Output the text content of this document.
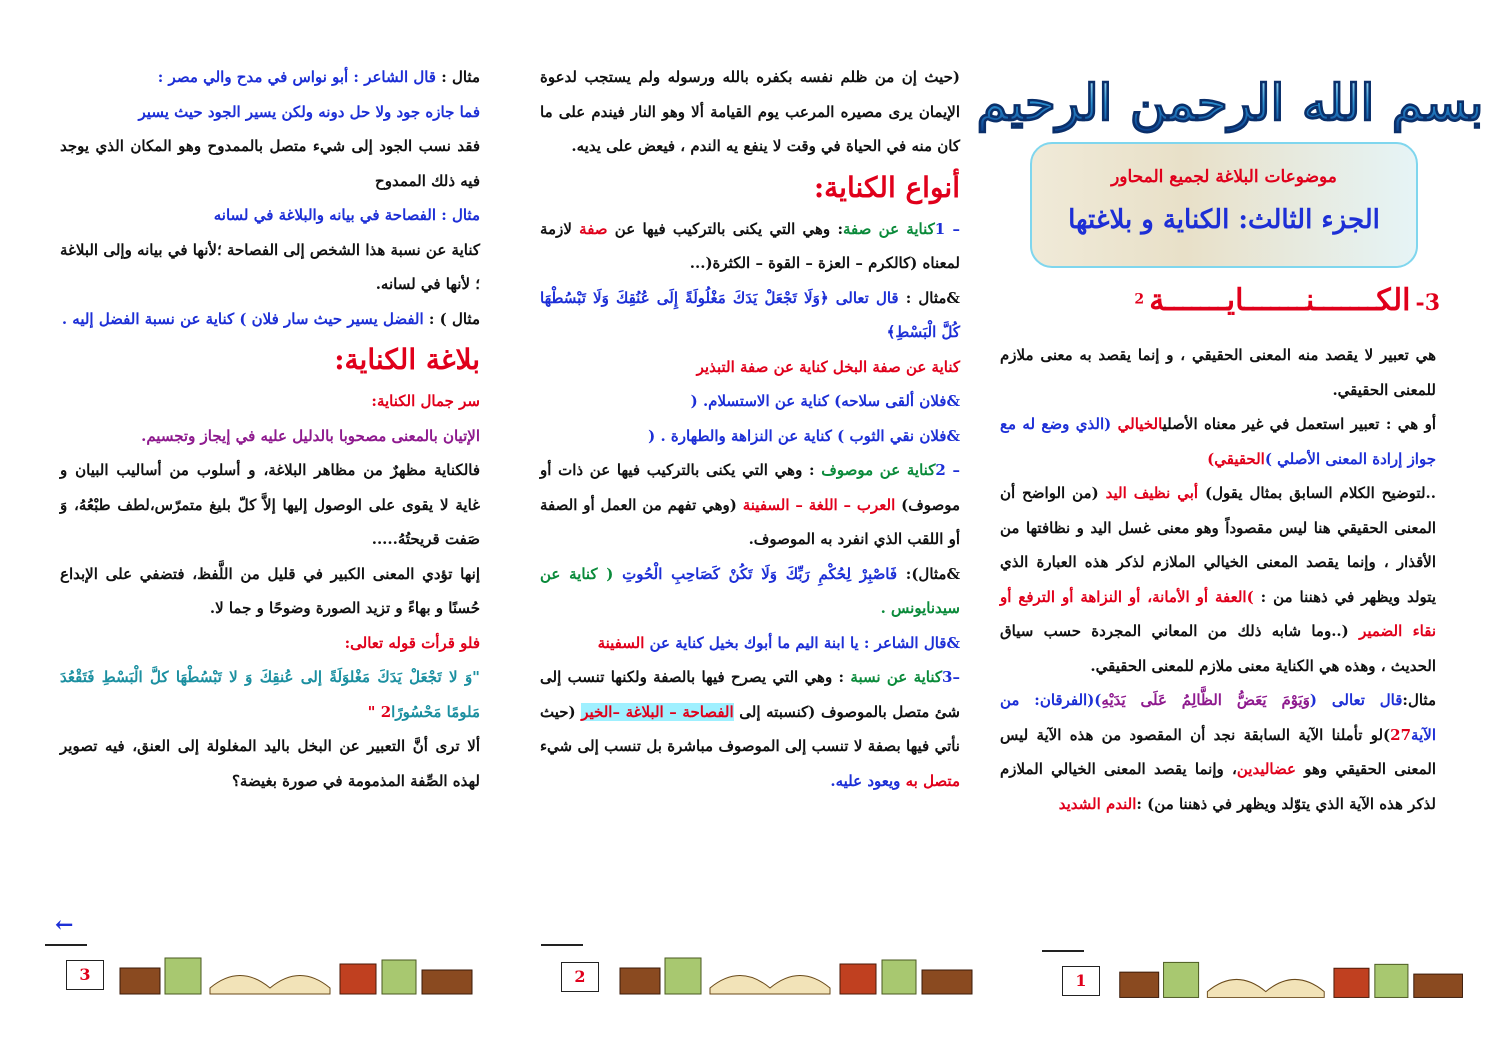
بسم الله الرحمن الرحيم
موضوعات البلاغة لجميع المحاور
الجزء الثالث: الكناية و بلاغتها
3- الكـــــــنـــــــايـــــــة $^2$

هي تعبير لا يقصد منه المعنى الحقيقي ، و إنما يقصد به معنى ملازم للمعنى الحقيقي.

أو هي : تعبير استعمل في غير معناه الأصليالخيالي (الذي وضع له مع جواز إرادة المعنى الأصلي )الحقيقي)

..لتوضيح الكلام السابق بمثال يقول) أبي نظيف اليد (من الواضح أن المعنى الحقيقي هنا ليس مقصوداً وهو معنى غسل اليد و نظافتها من الأقذار ، وإنما يقصد المعنى الخيالي الملازم لذكر هذه العبارة الذي يتولد ويظهر في ذهننا من : )العفة أو الأمانة، أو النزاهة أو الترفع أو نقاء الضمير (..وما شابه ذلك من المعاني المجردة حسب سياق الحديث ، وهذه هي الكناية معنى ملازم للمعنى الحقيقي.

مثال:قال تعالى (وَيَوْمَ يَعَضُّ الظَّالِمُ عَلَى يَدَيْهِ)(الفرقان: من الآية27)لو تأملنا الآية السابقة نجد أن المقصود من هذه الآية ليس المعنى الحقيقي وهو عضاليدين، وإنما يقصد المعنى الخيالي الملازم لذكر هذه الآية الذي يتوّلد ويظهر في ذهننا من) :الندم الشديد

(حيث إن من ظلم نفسه بكفره بالله ورسوله ولم يستجب لدعوة الإيمان يرى مصيره المرعب يوم القيامة ألا وهو النار فيندم على ما كان منه في الحياة في وقت لا ينفع يه الندم ، فيعض على يديه.

أنواع الكناية:

– 1كناية عن صفة: وهي التي يكنى بالتركيب فيها عن صفة لازمة لمعناه (كالكرم – العزة – القوة – الكثرة(...

&مثال : قال تعالى ﴿وَلَا تَجْعَلْ يَدَكَ مَغْلُولَةً إِلَى عُنُقِكَ وَلَا تَبْسُطْهَا كُلَّ الْبَسْطِ﴾
كناية عن صفة البخل كناية عن صفة التبذير
&فلان ألقى سلاحه) كناية عن الاستسلام. (
&فلان نقي الثوب ) كناية عن النزاهة والطهارة . (

– 2كناية عن موصوف : وهي التي يكنى بالتركيب فيها عن ذات أو موصوف) العرب – اللغة – السفينة (وهي تفهم من العمل أو الصفة أو اللقب الذي انفرد به الموصوف.

&مثال): فَاصْبِرْ لِحُكْمِ رَبِّكَ وَلَا تَكُنْ كَصَاحِبِ الْحُوتِ ( كناية عن سيدنايونس .
&قال الشاعر : يا ابنة اليم ما أبوك بخيل كناية عن السفينة

–3كناية عن نسبة : وهي التي يصرح فيها بالصفة ولكنها تنسب إلى شئ متصل بالموصوف (كنسبته إلى الفصاحة – البلاغة –الخير (حيث نأتي فيها بصفة لا تنسب إلى الموصوف مباشرة بل تنسب إلى شيء متصل به ويعود عليه.

مثال : قال الشاعر : أبو نواس في مدح والي مصر :
فما جازه جود ولا حل دونه ولكن يسير الجود حيث يسير
فقد نسب الجود إلى شيء متصل بالممدوح وهو المكان الذي يوجد فيه ذلك الممدوح

مثال : الفصاحة في بيانه والبلاغة في لسانه
كناية عن نسبة هذا الشخص إلى الفصاحة ؛لأنها في بيانه وإلى البلاغة ؛ لأنها في لسانه.

مثال ) : الفضل يسير حيث سار فلان ) كناية عن نسبة الفضل إليه .

بلاغة الكناية:

سر جمال الكناية:

الإتيان بالمعنى مصحوبا بالدليل عليه في إيجاز وتجسيم.

فالكناية مظهرٌ من مظاهر البلاغة، و أسلوب من أساليب البيان و غاية لا يقوى على الوصول إليها إلاَّ كلّ بليغ متمرّس،لطف طبْعُهُ، وَ صَفت قريحتُهُ.....

إنها تؤدي المعنى الكبير في قليل من اللَّفظ، فتضفي على الإبداع حُسنًا و بهاءً و تزيد الصورة وضوحًا و جما لا.

فلو قرأت قوله تعالى:

"وَ لا تَجْعَلْ يَدَكَ مَغْلوَلَةً إلى عُنقِكَ وَ لا تَبْسُطْهَا كلَّ الْبَسْطِ فَتَقْعُدَ مَلومًا مَحْسُورًا2 "

ألا ترى أنَّ التعبير عن البخل باليد المغلولة إلى العنق، فيه تصوير لهذه الصِّفة المذمومة في صورة بغيضة؟

←
3	2	1
